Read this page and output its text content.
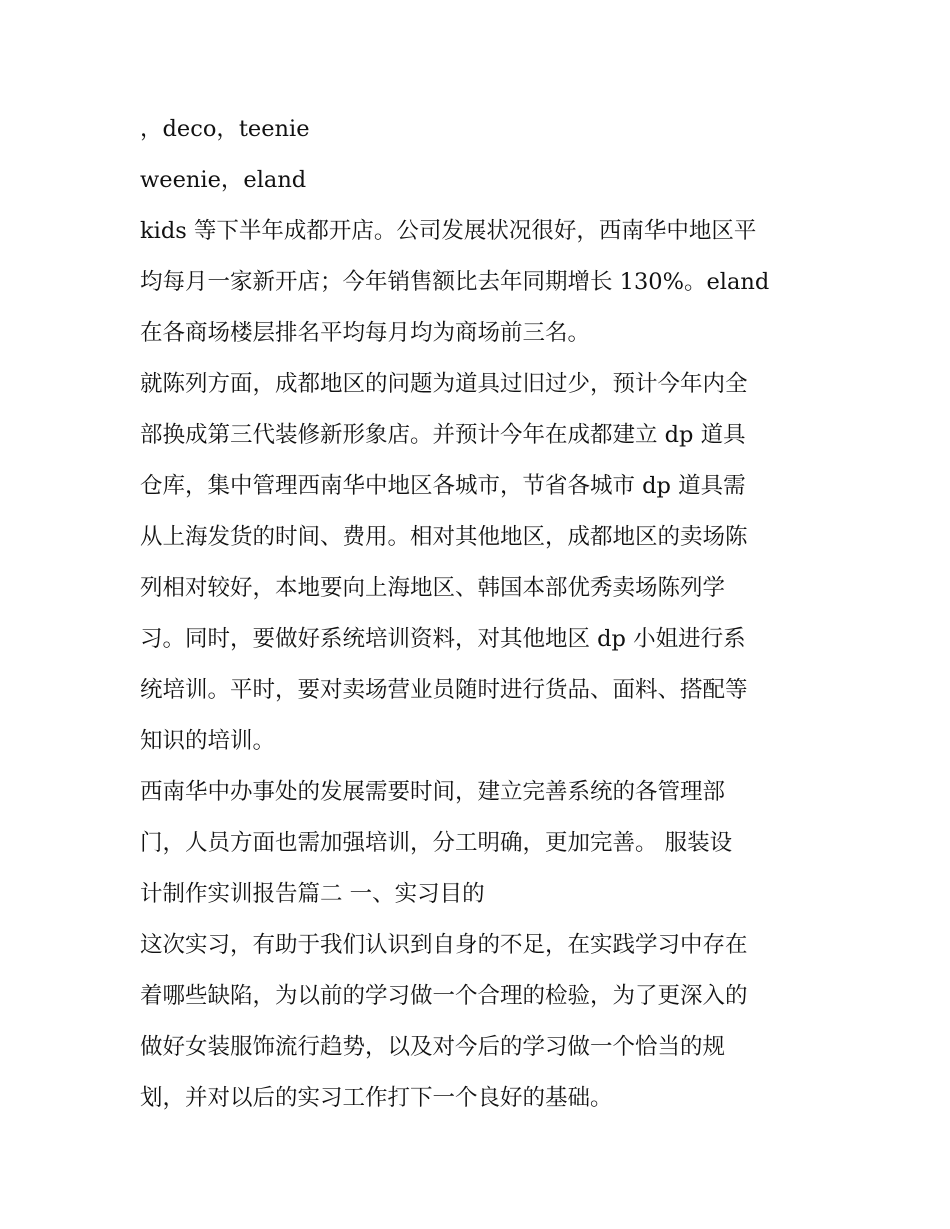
，deco，teenie
weenie，eland
kids 等下半年成都开店。公司发展状况很好，西南华中地区平
均每月一家新开店；今年销售额比去年同期增长 130%。eland
在各商场楼层排名平均每月均为商场前三名。
就陈列方面，成都地区的问题为道具过旧过少，预计今年内全
部换成第三代装修新形象店。并预计今年在成都建立 dp 道具
仓库，集中管理西南华中地区各城市，节省各城市 dp 道具需
从上海发货的时间、费用。相对其他地区，成都地区的卖场陈
列相对较好，本地要向上海地区、韩国本部优秀卖场陈列学
习。同时，要做好系统培训资料，对其他地区 dp 小姐进行系
统培训。平时，要对卖场营业员随时进行货品、面料、搭配等
知识的培训。
西南华中办事处的发展需要时间，建立完善系统的各管理部
门，人员方面也需加强培训，分工明确，更加完善。 服装设
计制作实训报告篇二 一、实习目的
这次实习，有助于我们认识到自身的不足，在实践学习中存在
着哪些缺陷，为以前的学习做一个合理的检验，为了更深入的
做好女装服饰流行趋势，以及对今后的学习做一个恰当的规
划，并对以后的实习工作打下一个良好的基础。
